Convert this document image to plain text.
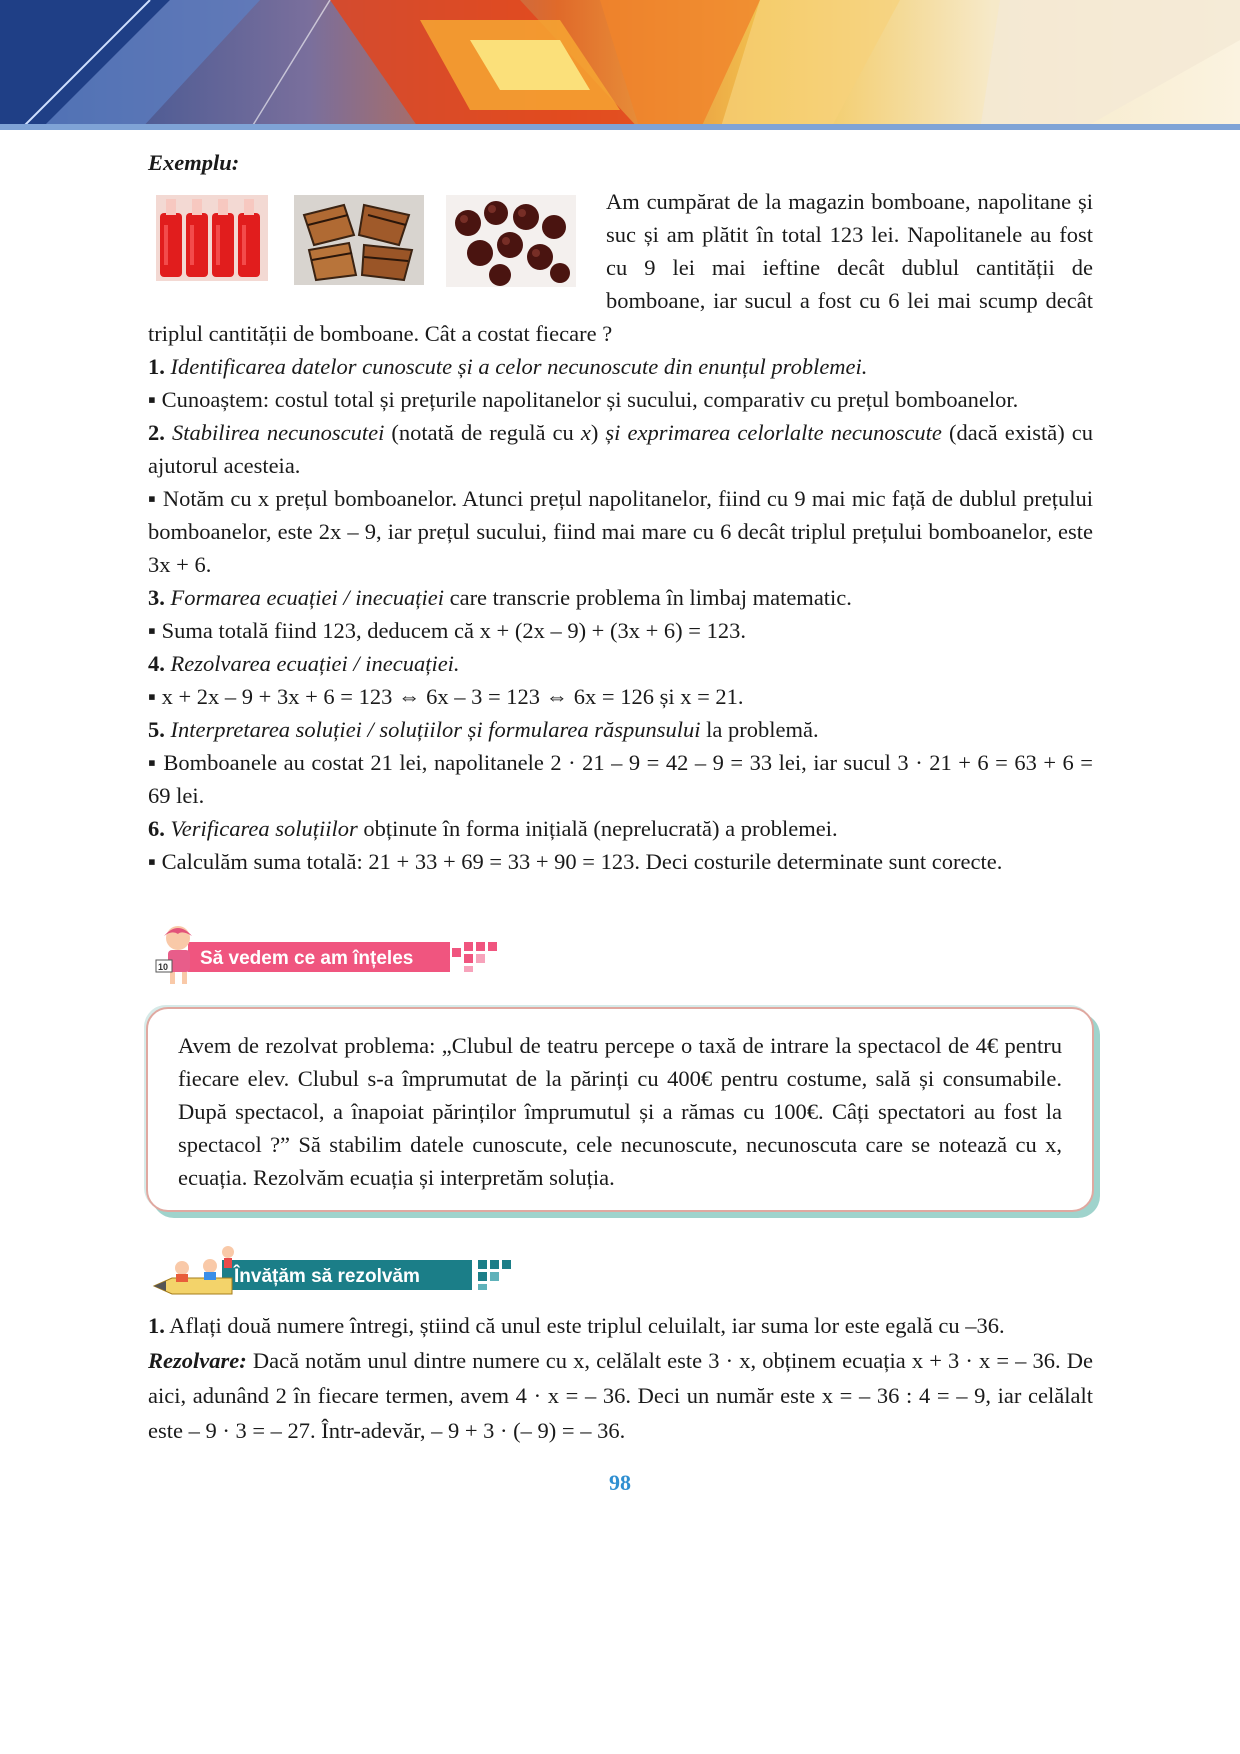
Exemplu:

Am cumpărat de la magazin bomboane, napolitane și suc și am plătit în total 123 lei. Napolitanele au fost cu 9 lei mai ieftine decât dublul cantității de bomboane, iar sucul a fost cu 6 lei mai scump decât triplul cantității de bomboane. Cât a costat fiecare ?

1. Identificarea datelor cunoscute și a celor necunoscute din enunțul problemei.

▪ Cunoaștem: costul total și prețurile napolitanelor și sucului, comparativ cu prețul bomboanelor.

2. Stabilirea necunoscutei (notată de regulă cu x) și exprimarea celorlalte necunoscute (dacă există) cu ajutorul acesteia.

▪ Notăm cu x prețul bomboanelor. Atunci prețul napolitanelor, fiind cu 9 mai mic față de dublul prețului bomboanelor, este 2x – 9, iar prețul sucului, fiind mai mare cu 6 decât triplul prețului bomboanelor, este 3x + 6.

3. Formarea ecuației / inecuației care transcrie problema în limbaj matematic.

▪ Suma totală fiind 123, deducem că x + (2x – 9) + (3x + 6) = 123.

4. Rezolvarea ecuației / inecuației.

▪ x + 2x – 9 + 3x + 6 = 123 ⇔ 6x – 3 = 123 ⇔ 6x = 126 și x = 21.

5. Interpretarea soluției / soluțiilor și formularea răspunsului la problemă.

▪ Bomboanele au costat 21 lei, napolitanele 2 · 21 – 9 = 42 – 9 = 33 lei, iar sucul 3 · 21 + 6 = 63 + 6 = 69 lei.

6. Verificarea soluțiilor obținute în forma inițială (neprelucrată) a problemei.

▪ Calculăm suma totală: 21 + 33 + 69 = 33 + 90 = 123. Deci costurile determinate sunt corecte.

10 Să vedem ce am înțeles
Avem de rezolvat problema: „Clubul de teatru percepe o taxă de intrare la spectacol de 4€ pentru fiecare elev. Clubul s-a împrumutat de la părinți cu 400€ pentru costume, sală și consumabile. După spectacol, a înapoiat părinților împrumutul și a rămas cu 100€. Câți spectatori au fost la spectacol ?” Să stabilim datele cunoscute, cele necunoscute, necunoscuta care se notează cu x, ecuația. Rezolvăm ecuația și interpretăm soluția.
Învățăm să rezolvăm

1. Aflați două numere întregi, știind că unul este triplul celuilalt, iar suma lor este egală cu –36.

Rezolvare: Dacă notăm unul dintre numere cu x, celălalt este 3 · x, obținem ecuația x + 3 · x = – 36. De aici, adunând 2 în fiecare termen, avem 4 · x = – 36. Deci un număr este x = – 36 : 4 = – 9, iar celălalt este – 9 · 3 = – 27. Într-adevăr, – 9 + 3 · (– 9) = – 36.

98
